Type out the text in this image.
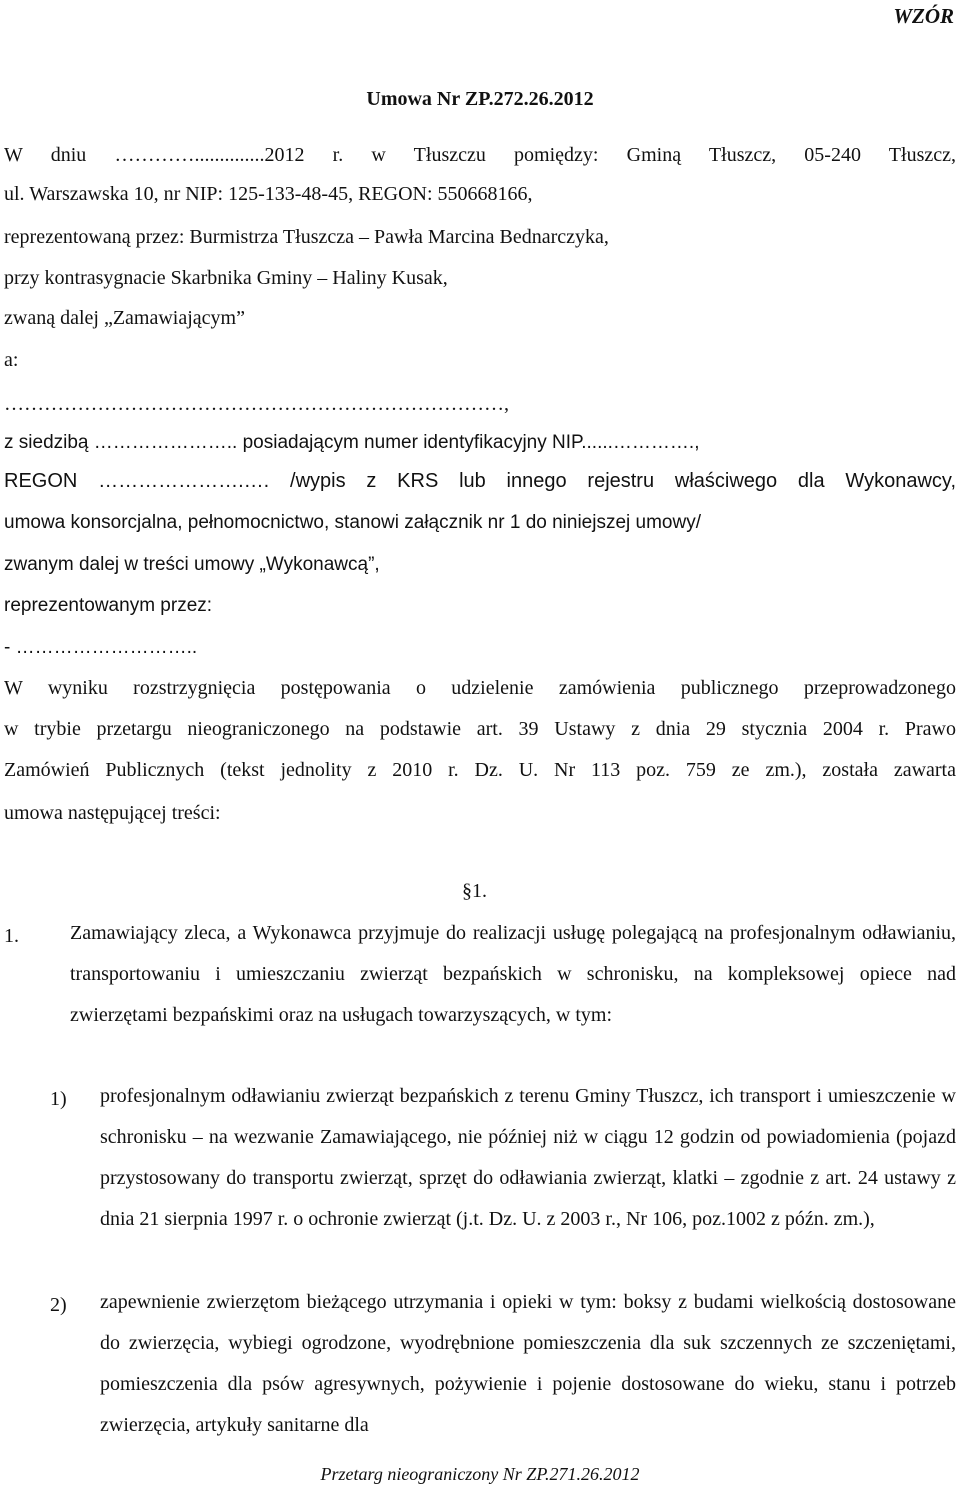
WZÓR
Umowa Nr ZP.272.26.2012
W dniu …………..............2012 r. w Tłuszczu pomiędzy: Gminą Tłuszcz, 05-240 Tłuszcz,
ul. Warszawska 10, nr NIP: 125-133-48-45, REGON: 550668166,
reprezentowaną przez: Burmistrza Tłuszcza – Pawła Marcina Bednarczyka,
przy kontrasygnacie Skarbnika Gminy – Haliny Kusak,
zwaną dalej „Zamawiającym”
a:
…………………………………………………………………,
z siedzibą ………………….. posiadającym numer identyfikacyjny NIP......………….,
REGON ………………….…. /wypis z KRS lub innego rejestru właściwego dla Wykonawcy,
umowa konsorcjalna, pełnomocnictwo, stanowi załącznik nr 1 do niniejszej umowy/
zwanym dalej w treści umowy „Wykonawcą”,
reprezentowanym przez:
- ………………………..
W wyniku rozstrzygnięcia postępowania o udzielenie zamówienia publicznego przeprowadzonego
w trybie przetargu nieograniczonego na podstawie art. 39 Ustawy z dnia 29 stycznia 2004 r. Prawo
Zamówień Publicznych (tekst jednolity z 2010 r. Dz. U. Nr 113 poz. 759 ze zm.), została zawarta
umowa następującej treści:
§1.
1.	Zamawiający zleca, a Wykonawca przyjmuje do realizacji usługę polegającą na profesjonalnym odławianiu, transportowaniu i umieszczaniu zwierząt bezpańskich w schronisku, na kompleksowej opiece nad zwierzętami bezpańskimi oraz na usługach towarzyszących, w tym:
1) profesjonalnym odławianiu zwierząt bezpańskich z terenu Gminy Tłuszcz, ich transport i umieszczenie w schronisku – na wezwanie Zamawiającego, nie później niż w ciągu 12 godzin od powiadomienia (pojazd przystosowany do transportu zwierząt, sprzęt do odławiania zwierząt, klatki – zgodnie z art. 24 ustawy z dnia 21 sierpnia 1997 r. o ochronie zwierząt (j.t. Dz. U. z 2003 r., Nr 106, poz.1002 z późn. zm.),
2) zapewnienie zwierzętom bieżącego utrzymania i opieki w tym: boksy z budami wielkością dostosowane do zwierzęcia, wybiegi ogrodzone, wyodrębnione pomieszczenia dla suk szczennych ze szczeniętami, pomieszczenia dla psów agresywnych, pożywienie i pojenie dostosowane do wieku, stanu i potrzeb zwierzęcia, artykuły sanitarne dla
Przetarg nieograniczony Nr ZP.271.26.2012
